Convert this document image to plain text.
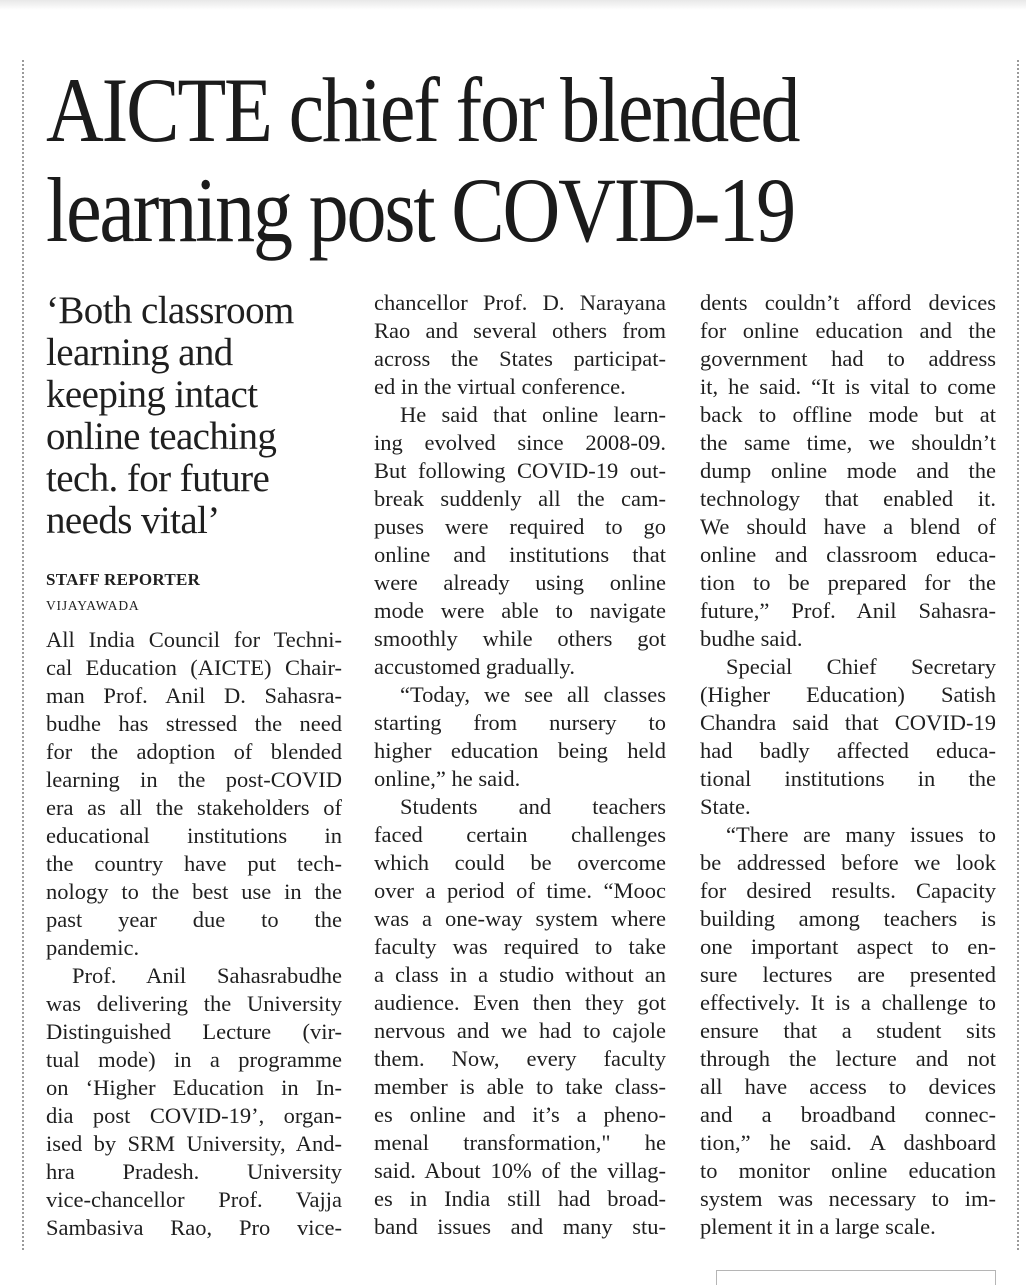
AICTE chief for blended
learning post COVID-19
‘Both classroom
learning and
keeping intact
online teaching
tech. for future
needs vital’
STAFF REPORTER
VIJAYAWADA
All India Council for Techni-
cal Education (AICTE) Chair-
man Prof. Anil D. Sahasra-
budhe has stressed the need
for the adoption of blended
learning in the post-COVID
era as all the stakeholders of
educational institutions in
the country have put tech-
nology to the best use in the
past year due to the
pandemic.
Prof. Anil Sahasrabudhe
was delivering the University
Distinguished Lecture (vir-
tual mode) in a programme
on ‘Higher Education in In-
dia post COVID-19’, organ-
ised by SRM University, And-
hra Pradesh. University
vice-chancellor Prof. Vajja
Sambasiva Rao, Pro vice-
chancellor Prof. D. Narayana
Rao and several others from
across the States participat-
ed in the virtual conference.
He said that online learn-
ing evolved since 2008-09.
But following COVID-19 out-
break suddenly all the cam-
puses were required to go
online and institutions that
were already using online
mode were able to navigate
smoothly while others got
accustomed gradually.
“Today, we see all classes
starting from nursery to
higher education being held
online,” he said.
Students and teachers
faced certain challenges
which could be overcome
over a period of time. “Mooc
was a one-way system where
faculty was required to take
a class in a studio without an
audience. Even then they got
nervous and we had to cajole
them. Now, every faculty
member is able to take class-
es online and it’s a pheno-
menal transformation," he
said. About 10% of the villag-
es in India still had broad-
band issues and many stu-
dents couldn’t afford devices
for online education and the
government had to address
it, he said. “It is vital to come
back to offline mode but at
the same time, we shouldn’t
dump online mode and the
technology that enabled it.
We should have a blend of
online and classroom educa-
tion to be prepared for the
future,” Prof. Anil Sahasra-
budhe said.
Special Chief Secretary
(Higher Education) Satish
Chandra said that COVID-19
had badly affected educa-
tional institutions in the
State.
“There are many issues to
be addressed before we look
for desired results. Capacity
building among teachers is
one important aspect to en-
sure lectures are presented
effectively. It is a challenge to
ensure that a student sits
through the lecture and not
all have access to devices
and a broadband connec-
tion,” he said. A dashboard
to monitor online education
system was necessary to im-
plement it in a large scale.
